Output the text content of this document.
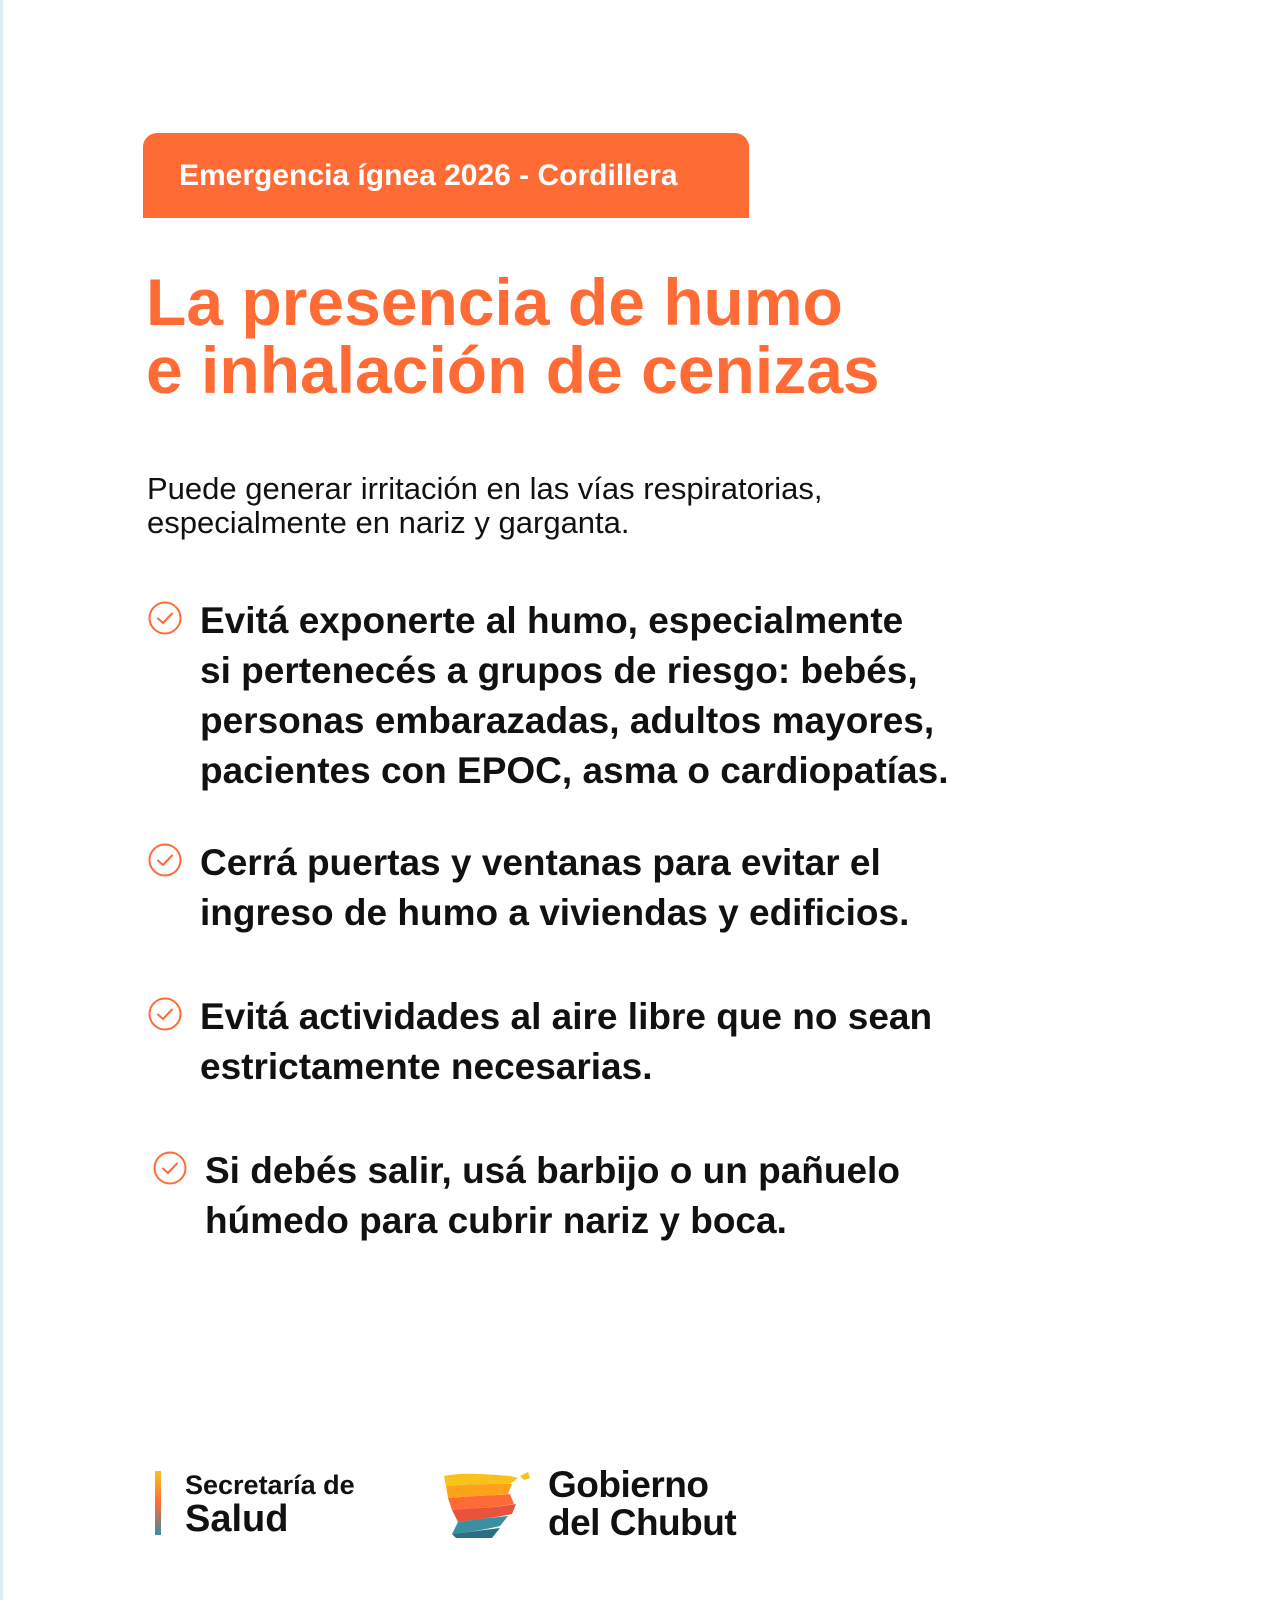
Emergencia ígnea 2026 - Cordillera
La presencia de humo
e inhalación de cenizas
Puede generar irritación en las vías respiratorias,
especialmente en nariz y garganta.
Evitá exponerte al humo, especialmente
si pertenecés a grupos de riesgo: bebés,
personas embarazadas, adultos mayores,
pacientes con EPOC, asma o cardiopatías.
Cerrá puertas y ventanas para evitar el
ingreso de humo a viviendas y edificios.
Evitá actividades al aire libre que no sean
estrictamente necesarias.
Si debés salir, usá barbijo o un pañuelo
húmedo para cubrir nariz y boca.
Secretaría de
Salud
Gobierno
del Chubut
